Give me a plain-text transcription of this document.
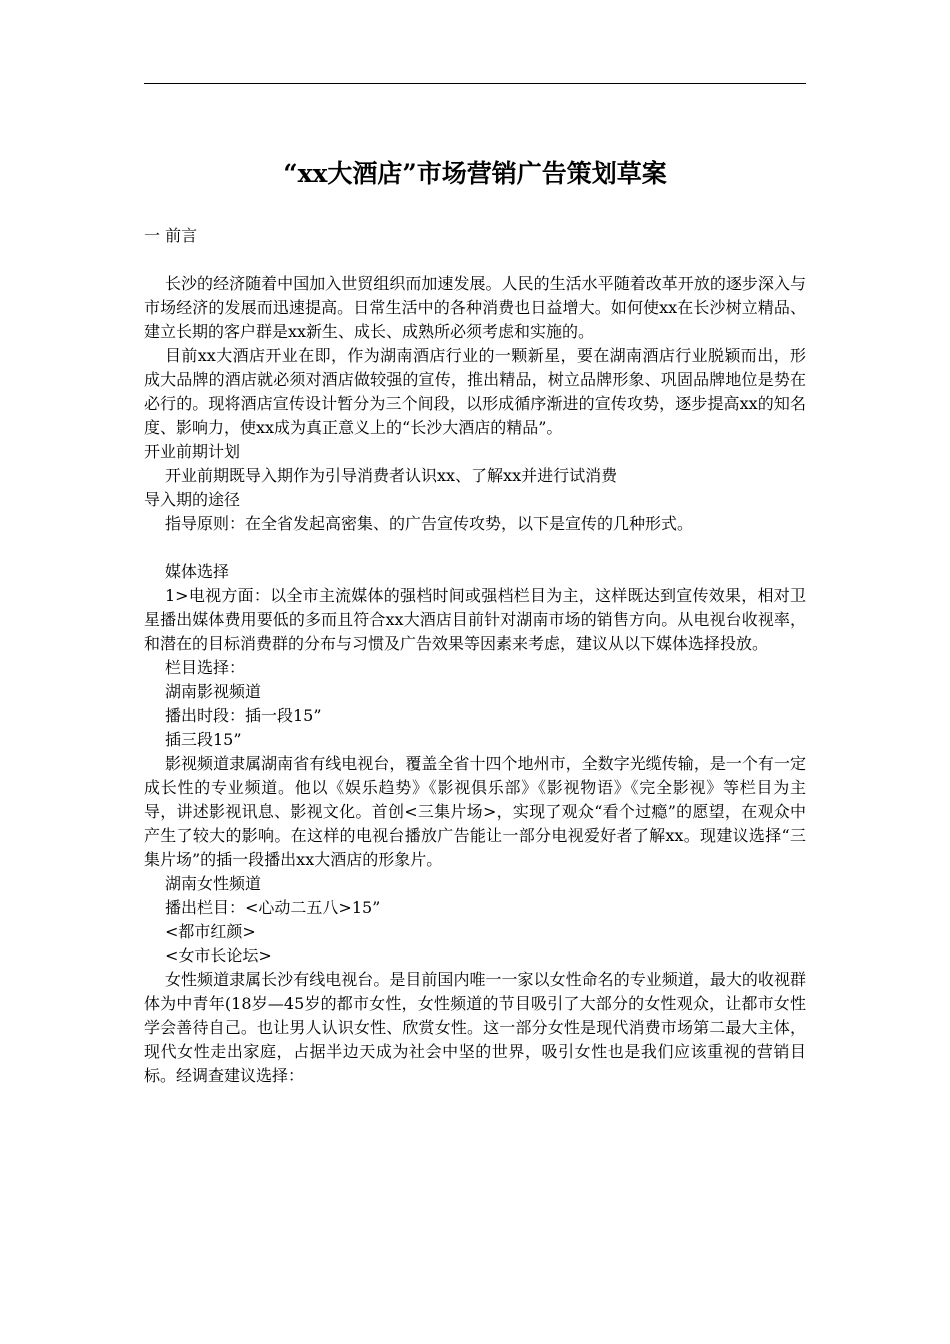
“xx大酒店”市场营销广告策划草案

一 前言

长沙的经济随着中国加入世贸组织而加速发展。人民的生活水平随着改革开放的逐步深入与市场经济的发展而迅速提高。日常生活中的各种消费也日益增大。如何使xx在长沙树立精品、建立长期的客户群是xx新生、成长、成熟所必须考虑和实施的。

目前xx大酒店开业在即，作为湖南酒店行业的一颗新星，要在湖南酒店行业脱颖而出，形成大品牌的酒店就必须对酒店做较强的宣传，推出精品，树立品牌形象、巩固品牌地位是势在必行的。现将酒店宣传设计暂分为三个间段，以形成循序渐进的宣传攻势，逐步提高xx的知名度、影响力，使xx成为真正意义上的“长沙大酒店的精品”。

开业前期计划

开业前期既导入期作为引导消费者认识xx、了解xx并进行试消费

导入期的途径

指导原则：在全省发起高密集、的广告宣传攻势，以下是宣传的几种形式。

媒体选择

1>电视方面：以全市主流媒体的强档时间或强档栏目为主，这样既达到宣传效果，相对卫星播出媒体费用要低的多而且符合xx大酒店目前针对湖南市场的销售方向。从电视台收视率，和潜在的目标消费群的分布与习惯及广告效果等因素来考虑，建议从以下媒体选择投放。

栏目选择：

湖南影视频道

播出时段：插一段15”

插三段15”

影视频道隶属湖南省有线电视台，覆盖全省十四个地州市，全数字光缆传输，是一个有一定成长性的专业频道。他以《娱乐趋势》《影视俱乐部》《影视物语》《完全影视》等栏目为主导，讲述影视讯息、影视文化。首创<三集片场>，实现了观众“看个过瘾”的愿望，在观众中产生了较大的影响。在这样的电视台播放广告能让一部分电视爱好者了解xx。现建议选择“三集片场”的插一段播出xx大酒店的形象片。

湖南女性频道

播出栏目：<心动二五八>15”

<都市红颜>

<女市长论坛>

女性频道隶属长沙有线电视台。是目前国内唯一一家以女性命名的专业频道，最大的收视群体为中青年(18岁—45岁的都市女性，女性频道的节目吸引了大部分的女性观众，让都市女性学会善待自己。也让男人认识女性、欣赏女性。这一部分女性是现代消费市场第二最大主体，现代女性走出家庭，占据半边天成为社会中坚的世界，吸引女性也是我们应该重视的营销目标。经调查建议选择：
